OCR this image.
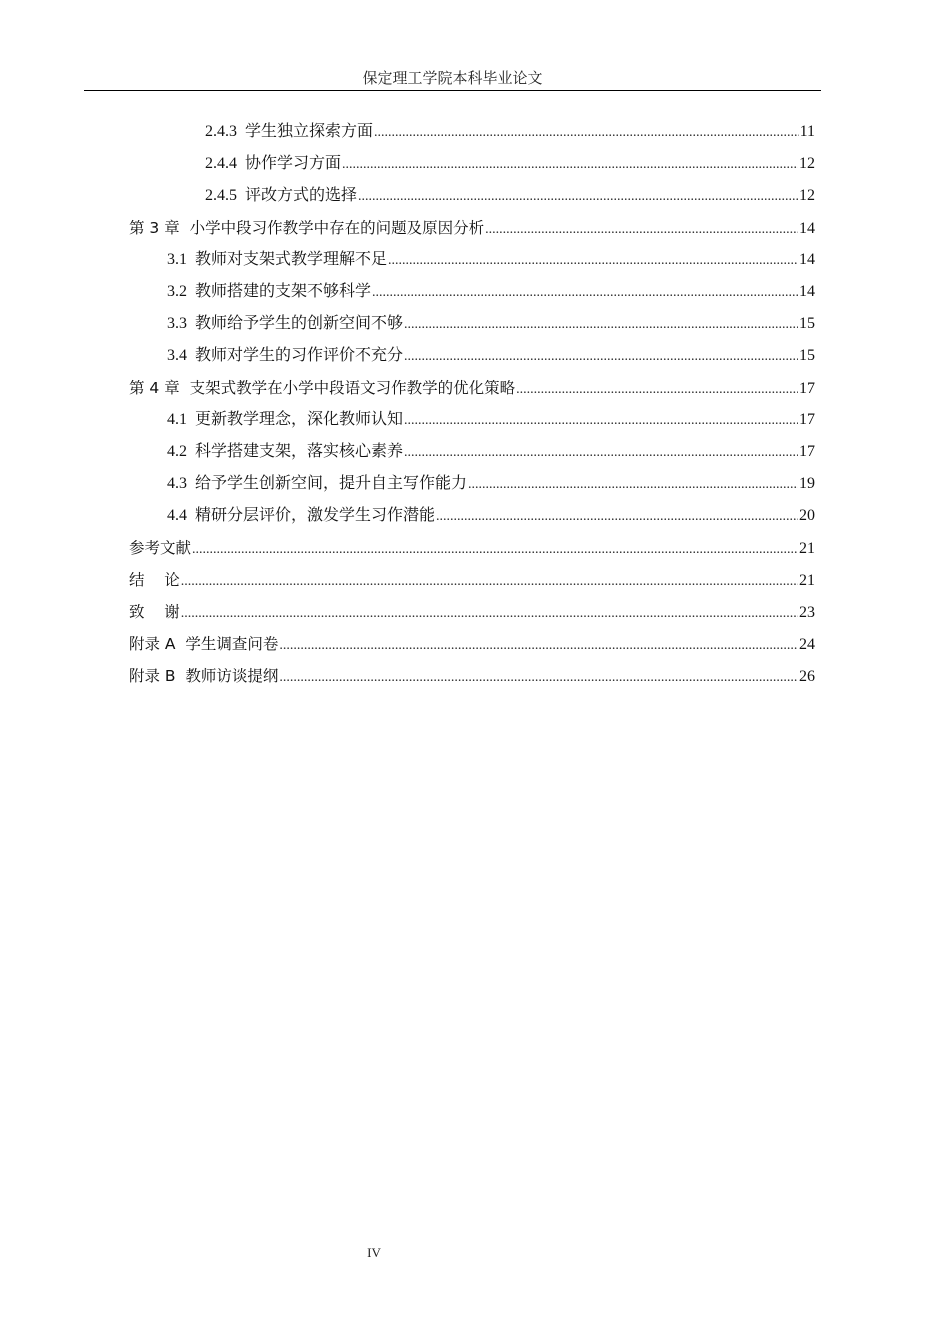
保定理工学院本科毕业论文
2.4.3  学生独立探索方面 .....	11
2.4.4  协作学习方面 .....	12
2.4.5  评改方式的选择 .....	12
第 3 章  小学中段习作教学中存在的问题及原因分析 .....	14
3.1  教师对支架式教学理解不足 .....	14
3.2  教师搭建的支架不够科学 .....	14
3.3  教师给予学生的创新空间不够 .....	15
3.4  教师对学生的习作评价不充分 .....	15
第 4 章  支架式教学在小学中段语文习作教学的优化策略 .....	17
4.1  更新教学理念，深化教师认知 .....	17
4.2  科学搭建支架，落实核心素养 .....	17
4.3  给予学生创新空间，提升自主写作能力 .....	19
4.4  精研分层评价，激发学生习作潜能 .....	20
参考文献 .....	21
结    论 .....	21
致    谢 .....	23
附录 A  学生调查问卷 .....	24
附录 B  教师访谈提纲 .....	26
IV
